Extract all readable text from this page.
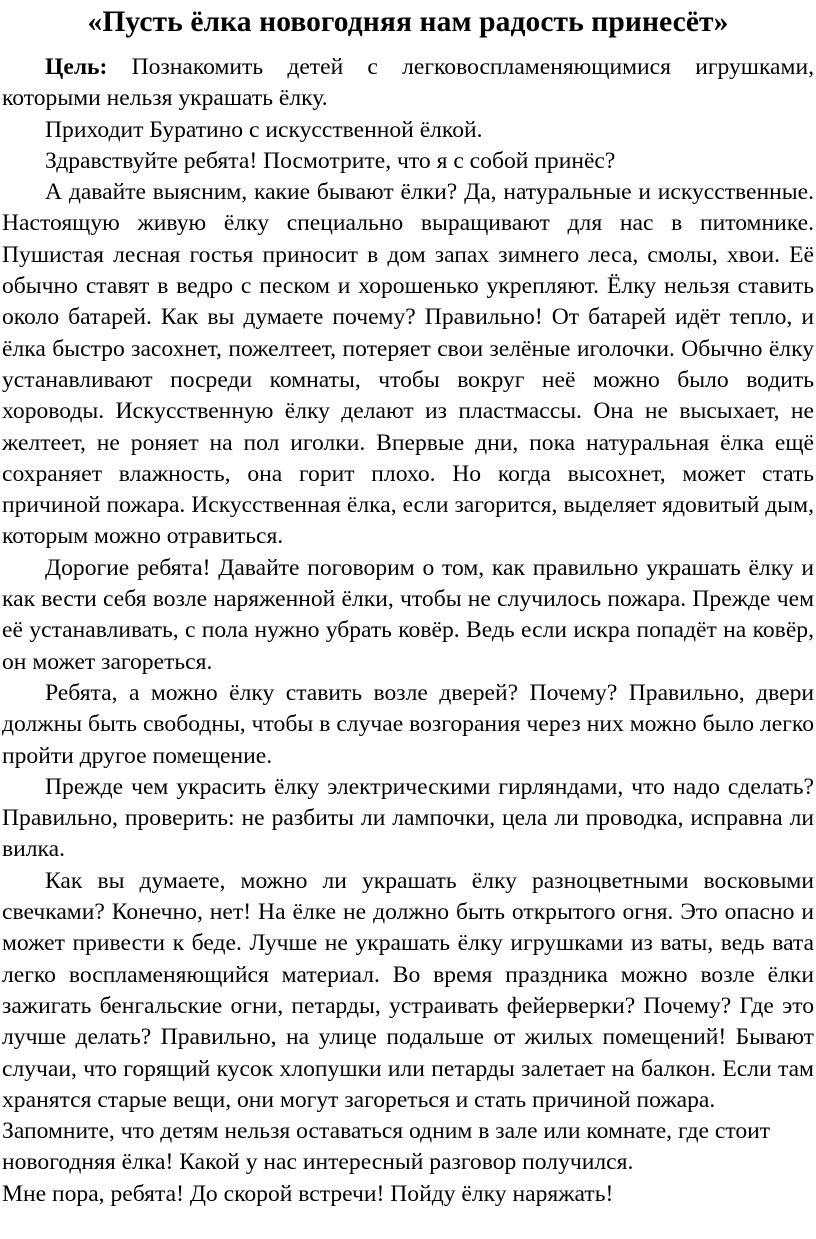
«Пусть ёлка новогодняя нам радость принесёт»

Цель: Познакомить детей с легковоспламеняющимися игрушками, которыми нельзя украшать ёлку.

Приходит Буратино с искусственной ёлкой.

Здравствуйте ребята! Посмотрите, что я с собой принёс?

А давайте выясним, какие бывают ёлки? Да, натуральные и искусственные. Настоящую живую ёлку специально выращивают для нас в питомнике. Пушистая лесная гостья приносит в дом запах зимнего леса, смолы, хвои. Её обычно ставят в ведро с песком и хорошенько укрепляют. Ёлку нельзя ставить около батарей. Как вы думаете почему? Правильно! От батарей идёт тепло, и ёлка быстро засохнет, пожелтеет, потеряет свои зелёные иголочки. Обычно ёлку устанавливают посреди комнаты, чтобы вокруг неё можно было водить хороводы. Искусственную ёлку делают из пластмассы. Она не высыхает, не желтеет, не роняет на пол иголки. Впервые дни, пока натуральная ёлка ещё сохраняет влажность, она горит плохо. Но когда высохнет, может стать причиной пожара. Искусственная ёлка, если загорится, выделяет ядовитый дым, которым можно отравиться.

Дорогие ребята! Давайте поговорим о том, как правильно украшать ёлку и как вести себя возле наряженной ёлки, чтобы не случилось пожара. Прежде чем её устанавливать, с пола нужно убрать ковёр. Ведь если искра попадёт на ковёр, он может загореться.

Ребята, а можно ёлку ставить возле дверей? Почему? Правильно, двери должны быть свободны, чтобы в случае возгорания через них можно было легко пройти другое помещение.

Прежде чем украсить ёлку электрическими гирляндами, что надо сделать? Правильно, проверить: не разбиты ли лампочки, цела ли проводка, исправна ли вилка.

Как вы думаете, можно ли украшать ёлку разноцветными восковыми свечками? Конечно, нет! На ёлке не должно быть открытого огня. Это опасно и может привести к беде. Лучше не украшать ёлку игрушками из ваты, ведь вата легко воспламеняющийся материал. Во время праздника можно возле ёлки зажигать бенгальские огни, петарды, устраивать фейерверки? Почему? Где это лучше делать? Правильно, на улице подальше от жилых помещений! Бывают случаи, что горящий кусок хлопушки или петарды залетает на балкон. Если там хранятся старые вещи, они могут загореться и стать причиной пожара.

Запомните, что детям нельзя оставаться одним в зале или комнате, где стоит новогодняя ёлка! Какой у нас интересный разговор получился.

Мне пора, ребята! До скорой встречи! Пойду ёлку наряжать!
